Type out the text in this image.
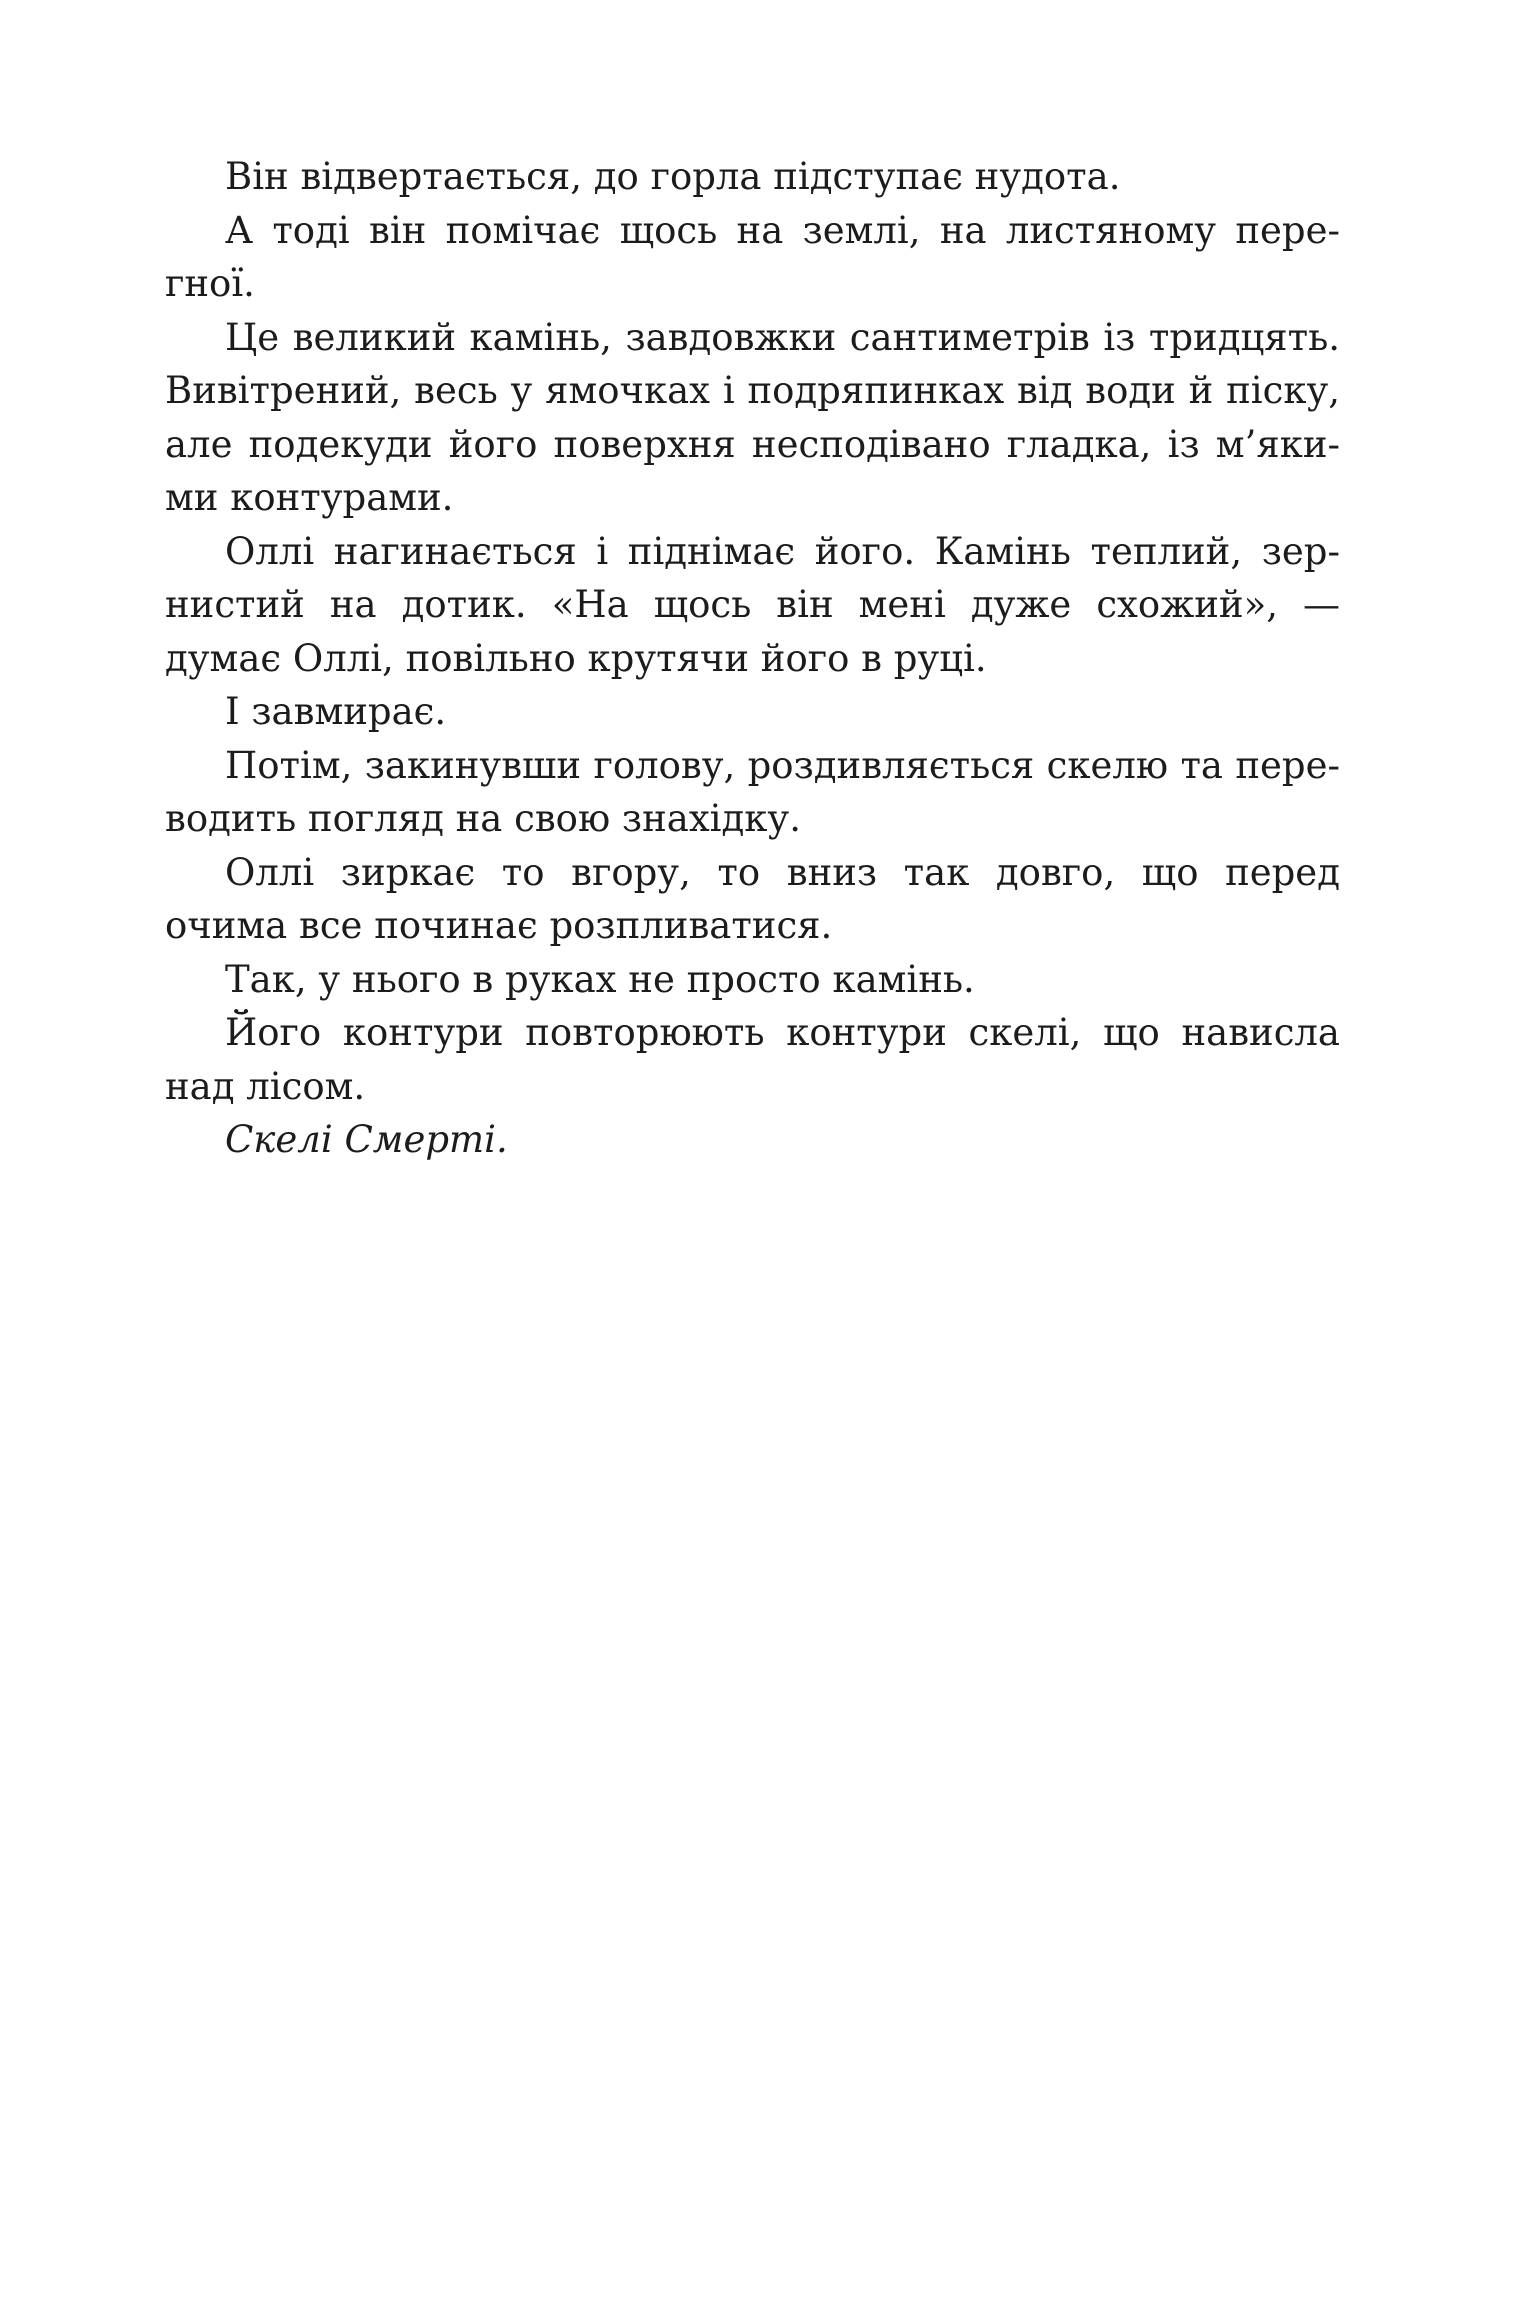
Він відвертається, до горла підступає нудота.

А тоді він помічає щось на землі, на листяному перегної.

Це великий камінь, завдовжки сантиметрів із тридцять. Вивітрений, весь у ямочках і подряпинках від води й піску, але подекуди його поверхня несподівано гладка, із м’якими контурами.

Оллі нагинається і піднімає його. Камінь теплий, зернистий на дотик. «На щось він мені дуже схожий», — думає Оллі, повільно крутячи його в руці.

І завмирає.

Потім, закинувши голову, роздивляється скелю та переводить погляд на свою знахідку.

Оллі зиркає то вгору, то вниз так довго, що перед очима все починає розпливатися.

Так, у нього в руках не просто камінь.

Його контури повторюють контури скелі, що нависла над лісом.

Скелі Смерті.
